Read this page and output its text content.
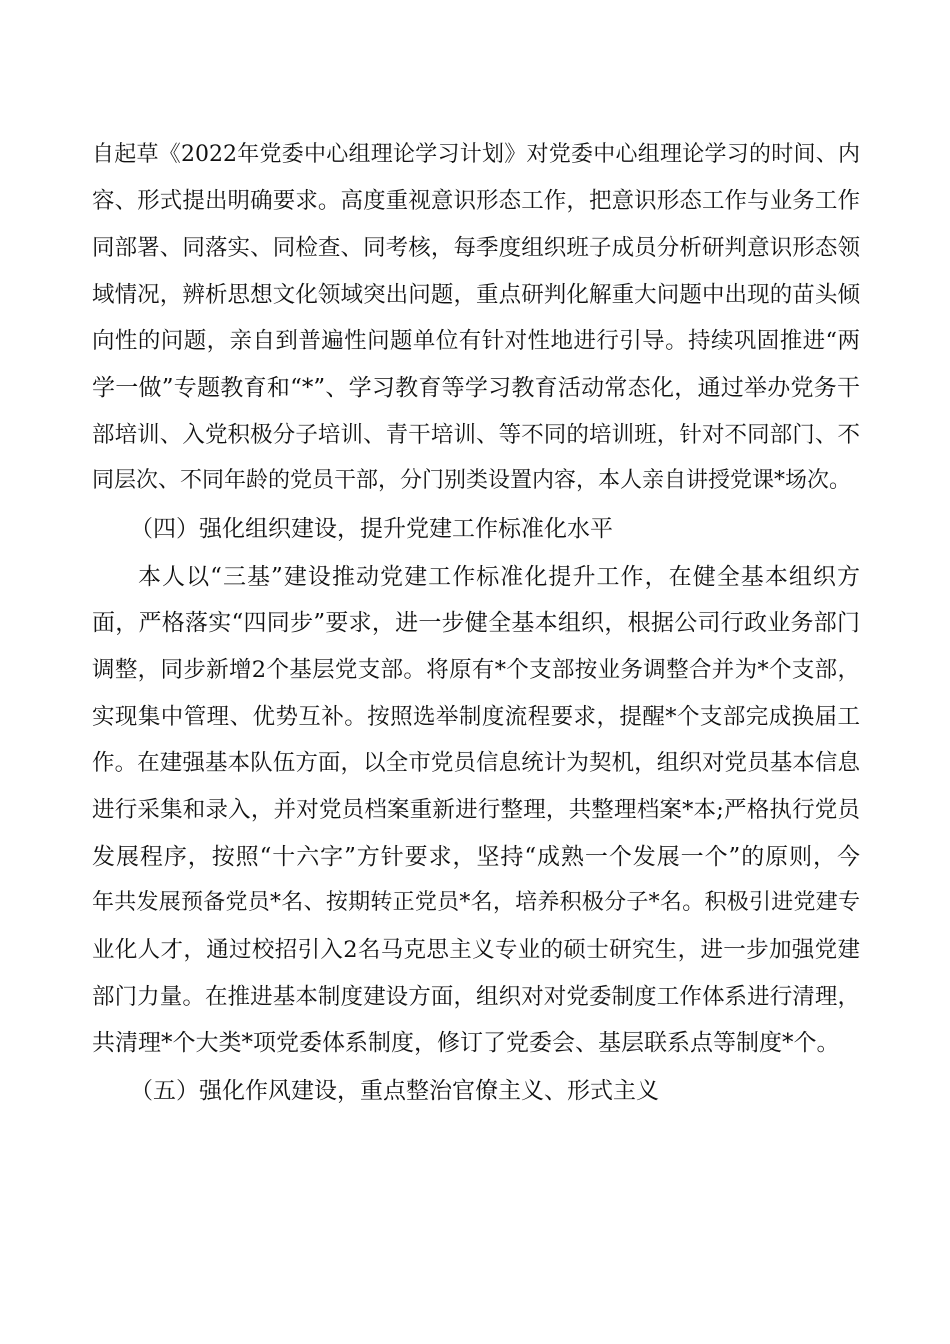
自起草《2022年党委中心组理论学习计划》对党委中心组理论学习的时间、内
容、形式提出明确要求。高度重视意识形态工作，把意识形态工作与业务工作
同部署、同落实、同检查、同考核，每季度组织班子成员分析研判意识形态领
域情况，辨析思想文化领域突出问题，重点研判化解重大问题中出现的苗头倾
向性的问题，亲自到普遍性问题单位有针对性地进行引导。持续巩固推进“两
学一做”专题教育和“*”、学习教育等学习教育活动常态化，通过举办党务干
部培训、入党积极分子培训、青干培训、等不同的培训班，针对不同部门、不
同层次、不同年龄的党员干部，分门别类设置内容，本人亲自讲授党课*场次。
（四）强化组织建设，提升党建工作标准化水平
本人以“三基”建设推动党建工作标准化提升工作，在健全基本组织方
面，严格落实“四同步”要求，进一步健全基本组织，根据公司行政业务部门
调整，同步新增2个基层党支部。将原有*个支部按业务调整合并为*个支部，
实现集中管理、优势互补。按照选举制度流程要求，提醒*个支部完成换届工
作。在建强基本队伍方面，以全市党员信息统计为契机，组织对党员基本信息
进行采集和录入，并对党员档案重新进行整理，共整理档案*本;严格执行党员
发展程序，按照“十六字”方针要求，坚持“成熟一个发展一个”的原则，今
年共发展预备党员*名、按期转正党员*名，培养积极分子*名。积极引进党建专
业化人才，通过校招引入2名马克思主义专业的硕士研究生，进一步加强党建
部门力量。在推进基本制度建设方面，组织对对党委制度工作体系进行清理，
共清理*个大类*项党委体系制度，修订了党委会、基层联系点等制度*个。
（五）强化作风建设，重点整治官僚主义、形式主义
